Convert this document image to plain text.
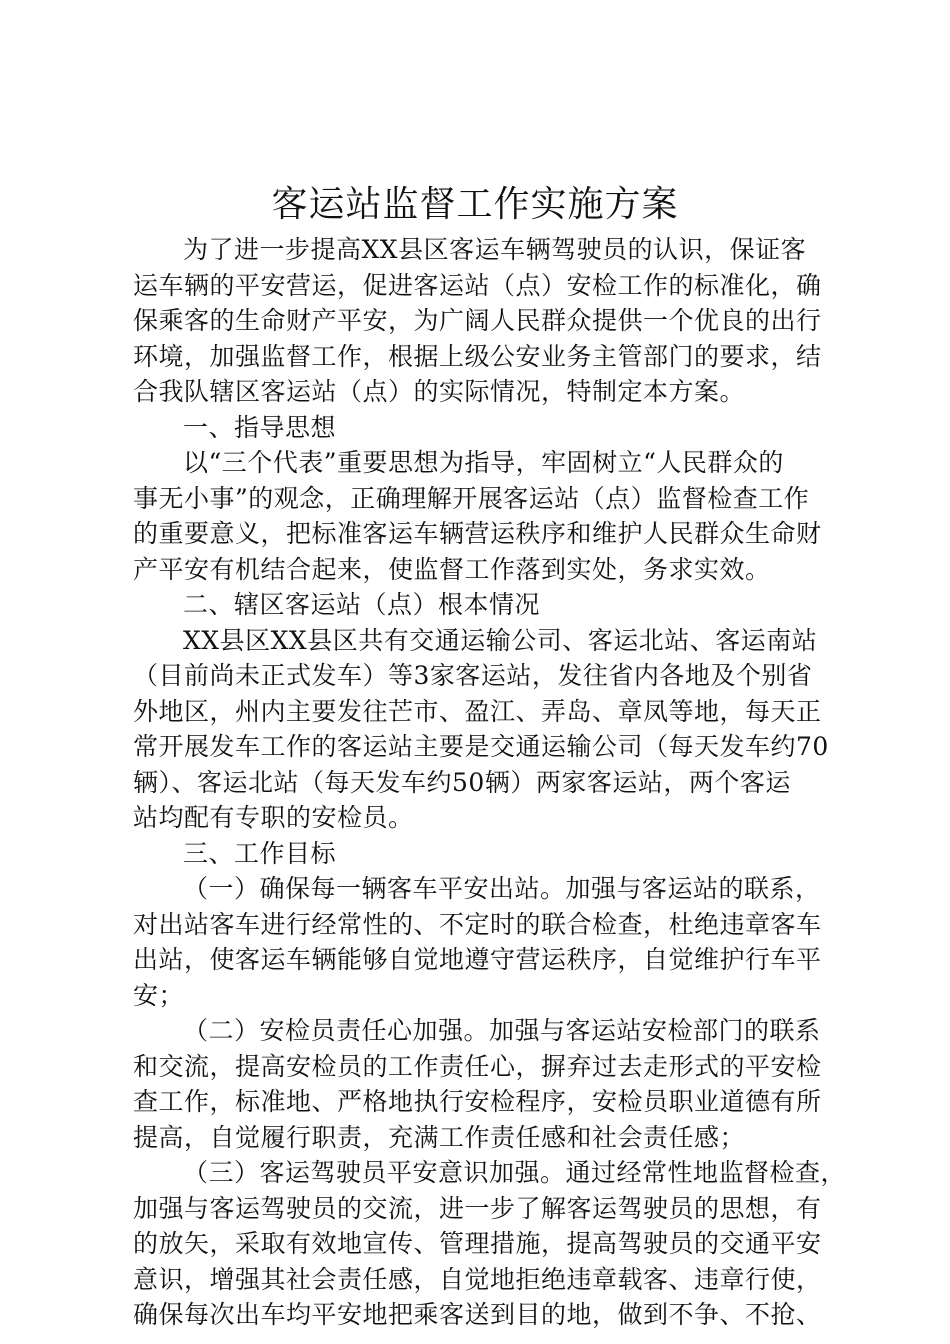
客运站监督工作实施方案
为了进一步提高XX县区客运车辆驾驶员的认识，保证客
运车辆的平安营运，促进客运站（点）安检工作的标准化，确
保乘客的生命财产平安，为广阔人民群众提供一个优良的出行
环境，加强监督工作，根据上级公安业务主管部门的要求，结
合我队辖区客运站（点）的实际情况，特制定本方案。
一、指导思想
以“三个代表”重要思想为指导，牢固树立“人民群众的
事无小事”的观念，正确理解开展客运站（点）监督检查工作
的重要意义，把标准客运车辆营运秩序和维护人民群众生命财
产平安有机结合起来，使监督工作落到实处，务求实效。
二、辖区客运站（点）根本情况
XX县区XX县区共有交通运输公司、客运北站、客运南站
（目前尚未正式发车）等3家客运站，发往省内各地及个别省
外地区，州内主要发往芒市、盈江、弄岛、章凤等地，每天正
常开展发车工作的客运站主要是交通运输公司（每天发车约70
辆）、客运北站（每天发车约50辆）两家客运站，两个客运
站均配有专职的安检员。
三、工作目标
（一）确保每一辆客车平安出站。加强与客运站的联系，
对出站客车进行经常性的、不定时的联合检查，杜绝违章客车
出站，使客运车辆能够自觉地遵守营运秩序，自觉维护行车平
安；
（二）安检员责任心加强。加强与客运站安检部门的联系
和交流，提高安检员的工作责任心，摒弃过去走形式的平安检
查工作，标准地、严格地执行安检程序，安检员职业道德有所
提高，自觉履行职责，充满工作责任感和社会责任感；
（三）客运驾驶员平安意识加强。通过经常性地监督检查，
加强与客运驾驶员的交流，进一步了解客运驾驶员的思想，有
的放矢，采取有效地宣传、管理措施，提高驾驶员的交通平安
意识，增强其社会责任感，自觉地拒绝违章载客、违章行使，
确保每次出车均平安地把乘客送到目的地，做到不争、不抢、
